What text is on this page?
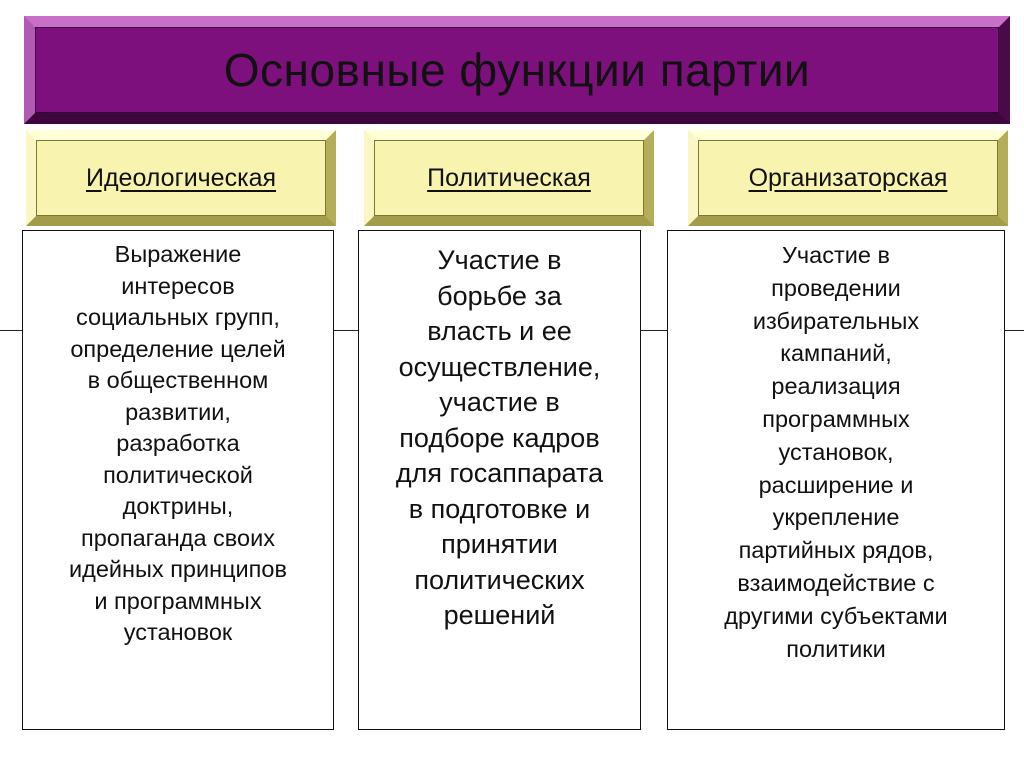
Основные функции партии
Идеологическая	Политическая	Организаторская

Выражение
интересов
социальных групп,
определение целей
в общественном
развитии,
разработка
политической
доктрины,
пропаганда своих
идейных принципов
и программных
установок

Участие в
борьбе за
власть и ее
осуществление,
участие в
подборе кадров
для госаппарата
в подготовке и
принятии
политических
решений

Участие в
проведении
избирательных
кампаний,
реализация
программных
установок,
расширение и
укрепление
партийных рядов,
взаимодействие с
другими субъектами
политики
